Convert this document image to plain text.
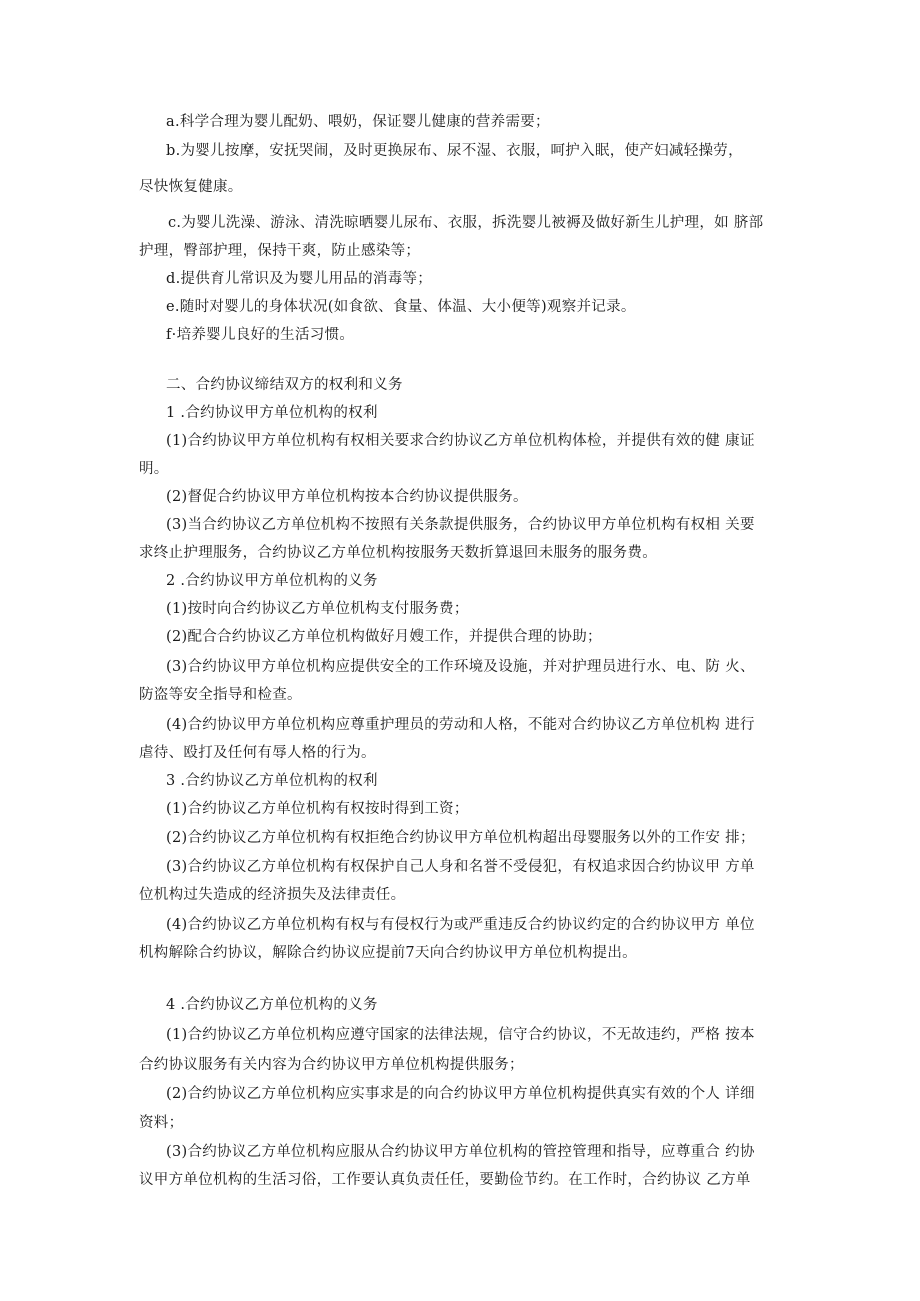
a.科学合理为婴儿配奶、喂奶，保证婴儿健康的营养需要；
b.为婴儿按摩，安抚哭闹，及时更换尿布、尿不湿、衣服，呵护入眠，使产妇减轻操劳，
尽快恢复健康。
c.为婴儿洗澡、游泳、清洗晾晒婴儿尿布、衣服，拆洗婴儿被褥及做好新生儿护理，如 脐部
护理，臀部护理，保持干爽，防止感染等；
d.提供育儿常识及为婴儿用品的消毒等；
e.随时对婴儿的身体状况(如食欲、食量、体温、大小便等)观察并记录。
f·培养婴儿良好的生活习惯。
二、合约协议缔结双方的权利和义务
1 .合约协议甲方单位机构的权利
(1)合约协议甲方单位机构有权相关要求合约协议乙方单位机构体检，并提供有效的健 康证
明。
(2)督促合约协议甲方单位机构按本合约协议提供服务。
(3)当合约协议乙方单位机构不按照有关条款提供服务，合约协议甲方单位机构有权相 关要
求终止护理服务，合约协议乙方单位机构按服务天数折算退回未服务的服务费。
2 .合约协议甲方单位机构的义务
(1)按时向合约协议乙方单位机构支付服务费；
(2)配合合约协议乙方单位机构做好月嫂工作，并提供合理的协助；
(3)合约协议甲方单位机构应提供安全的工作环境及设施，并对护理员进行水、电、防 火、
防盗等安全指导和检查。
(4)合约协议甲方单位机构应尊重护理员的劳动和人格，不能对合约协议乙方单位机构 进行
虐待、殴打及任何有辱人格的行为。
3 .合约协议乙方单位机构的权利
(1)合约协议乙方单位机构有权按时得到工资；
(2)合约协议乙方单位机构有权拒绝合约协议甲方单位机构超出母婴服务以外的工作安 排；
(3)合约协议乙方单位机构有权保护自己人身和名誉不受侵犯，有权追求因合约协议甲 方单
位机构过失造成的经济损失及法律责任。
(4)合约协议乙方单位机构有权与有侵权行为或严重违反合约协议约定的合约协议甲方 单位
机构解除合约协议，解除合约协议应提前7天向合约协议甲方单位机构提出。
4 .合约协议乙方单位机构的义务
(1)合约协议乙方单位机构应遵守国家的法律法规，信守合约协议，不无故违约，严格 按本
合约协议服务有关内容为合约协议甲方单位机构提供服务；
(2)合约协议乙方单位机构应实事求是的向合约协议甲方单位机构提供真实有效的个人 详细
资料；
(3)合约协议乙方单位机构应服从合约协议甲方单位机构的管控管理和指导，应尊重合 约协
议甲方单位机构的生活习俗，工作要认真负责任任，要勤俭节约。在工作时，合约协议 乙方单
